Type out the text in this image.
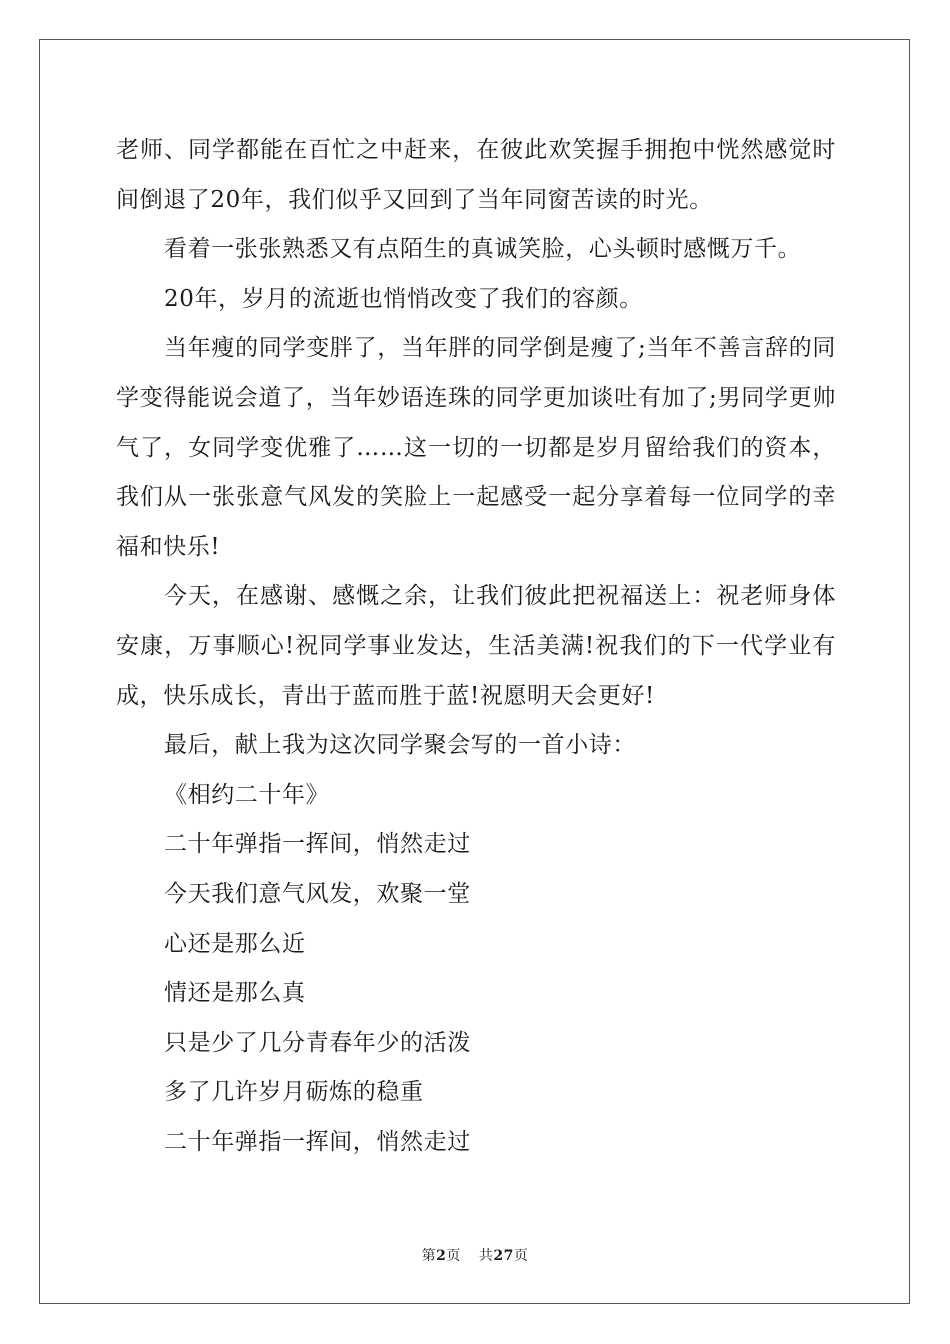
老师、同学都能在百忙之中赶来，在彼此欢笑握手拥抱中恍然感觉时间倒退了20年，我们似乎又回到了当年同窗苦读的时光。

看着一张张熟悉又有点陌生的真诚笑脸，心头顿时感慨万千。

20年，岁月的流逝也悄悄改变了我们的容颜。

当年瘦的同学变胖了，当年胖的同学倒是瘦了;当年不善言辞的同学变得能说会道了，当年妙语连珠的同学更加谈吐有加了;男同学更帅气了，女同学变优雅了……这一切的一切都是岁月留给我们的资本，我们从一张张意气风发的笑脸上一起感受一起分享着每一位同学的幸福和快乐!

今天，在感谢、感慨之余，让我们彼此把祝福送上：祝老师身体安康，万事顺心!祝同学事业发达，生活美满!祝我们的下一代学业有成，快乐成长，青出于蓝而胜于蓝!祝愿明天会更好!

最后，献上我为这次同学聚会写的一首小诗：

《相约二十年》

二十年弹指一挥间，悄然走过

今天我们意气风发，欢聚一堂

心还是那么近

情还是那么真

只是少了几分青春年少的活泼

多了几许岁月砺炼的稳重

二十年弹指一挥间，悄然走过

第2页 共27页
